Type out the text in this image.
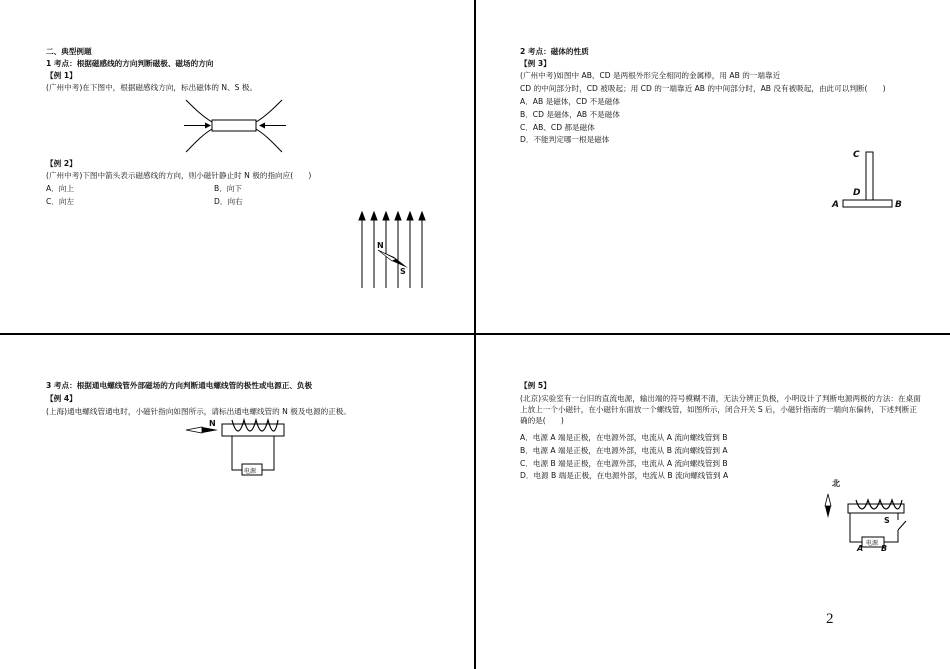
二、典型例题
1 考点：根据磁感线的方向判断磁极、磁场的方向
【例 1】
(广州中考)在下图中，根据磁感线方向，标出磁体的 N、S 极。
【例 2】
(广州中考)下图中箭头表示磁感线的方向，则小磁针静止时 N 极的指向应(　　)
A．向上	B．向下
C．向左	D．向右
N
S
2 考点：磁体的性质
【例 3】
(广州中考)如图中 AB、CD 是两根外形完全相同的金属棒，用 AB 的一端靠近
CD 的中间部分时，CD 被吸起；用 CD 的一端靠近 AB 的中间部分时，AB 没有被吸起，由此可以判断(　　)
A．AB 是磁体，CD 不是磁体
B．CD 是磁体，AB 不是磁体
C．AB、CD 都是磁体
D．不能判定哪一根是磁体
C
D
A	B
3 考点：根据通电螺线管外部磁场的方向判断通电螺线管的极性或电源正、负极
【例 4】
(上海)通电螺线管通电时，小磁针指向如图所示，请标出通电螺线管的 N 极及电源的正极。
N
电源
【例 5】
(北京)实验室有一台旧的直流电源，输出端的符号模糊不清，无法分辨正负极，小明设计了判断电源两极的方法：在桌面上放上一个小磁针，在小磁针东面放一个螺线管，如图所示，闭合开关 S 后，小磁针指南的一端向东偏转，下述判断正确的是(　　)
A．电源 A 端是正极，在电源外部，电流从 A 流向螺线管到 B
B．电源 A 端是正极，在电源外部，电流从 B 流向螺线管到 A
C．电源 B 端是正极，在电源外部，电流从 A 流向螺线管到 B
D．电源 B 端是正极，在电源外部，电流从 B 流向螺线管到 A
北
S
电源
A B
2
